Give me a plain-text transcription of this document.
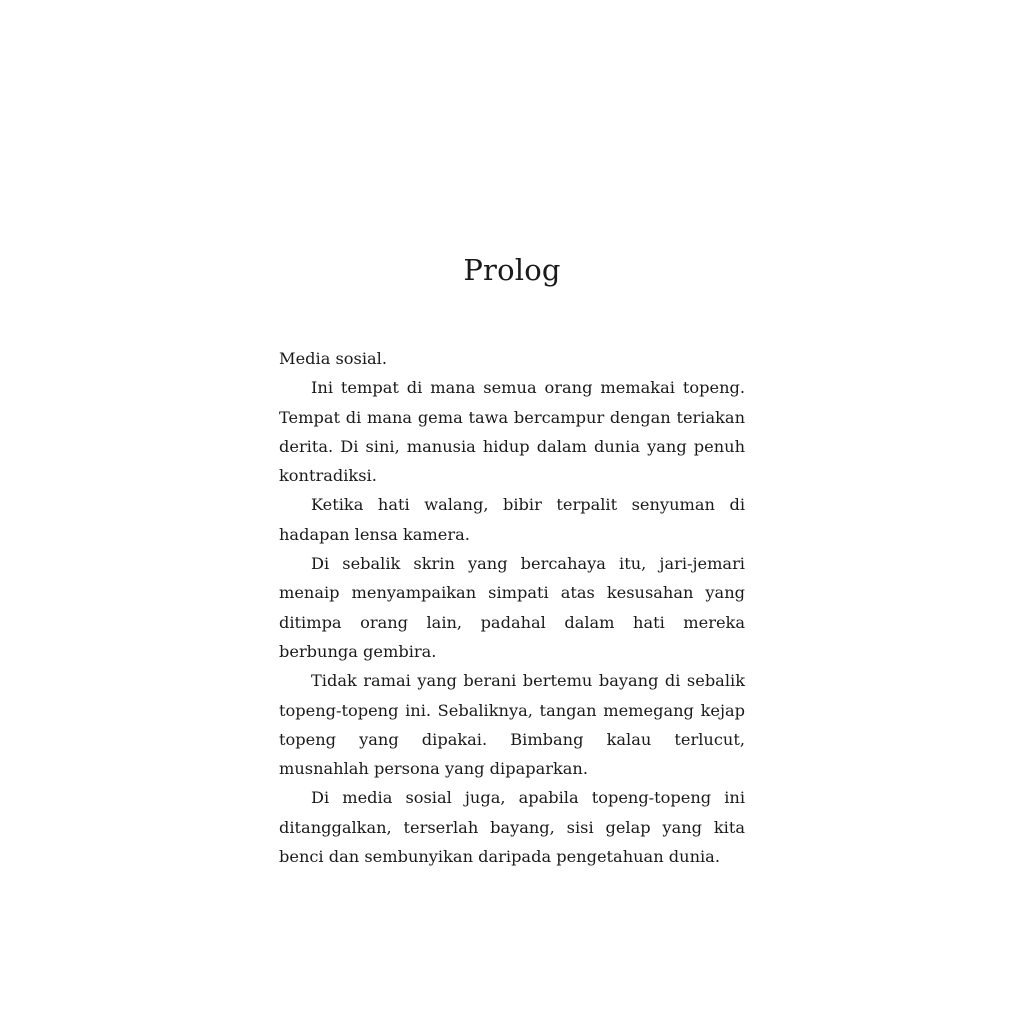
Prolog

Media sosial.

Ini tempat di mana semua orang memakai topeng. Tempat di mana gema tawa bercampur dengan teriakan derita. Di sini, manusia hidup dalam dunia yang penuh kontradiksi.

Ketika hati walang, bibir terpalit senyuman di hadapan lensa kamera.

Di sebalik skrin yang bercahaya itu, jari-jemari menaip menyampaikan simpati atas kesusahan yang ditimpa orang lain, padahal dalam hati mereka berbunga gembira.

Tidak ramai yang berani bertemu bayang di sebalik topeng-topeng ini. Sebaliknya, tangan memegang kejap topeng yang dipakai. Bimbang kalau terlucut, musnahlah persona yang dipaparkan.

Di media sosial juga, apabila topeng-topeng ini ditanggalkan, terserlah bayang, sisi gelap yang kita benci dan sembunyikan daripada pengetahuan dunia.
